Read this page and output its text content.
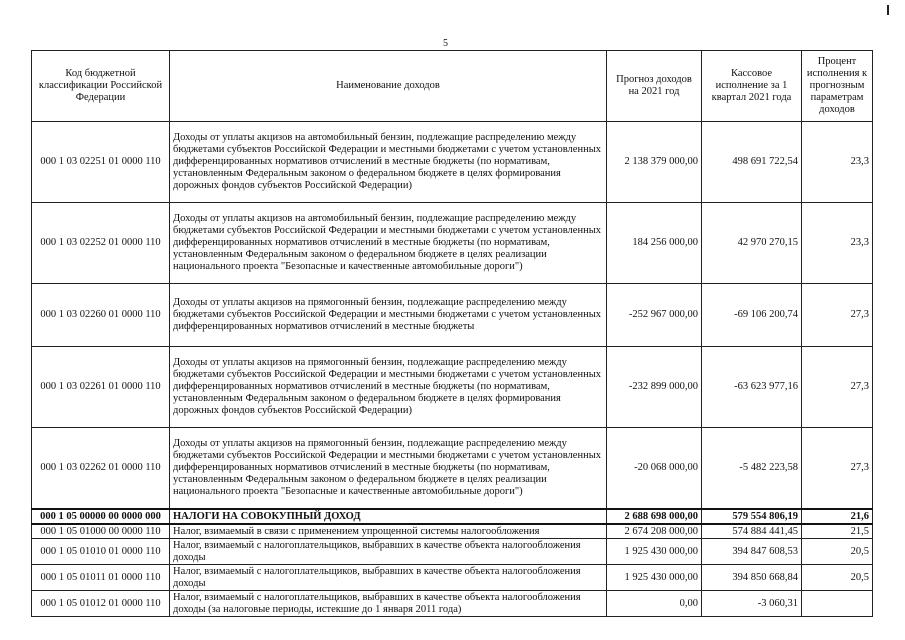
5
Код бюджетной классификации Российской Федерации	Наименование доходов	Прогноз доходов на 2021 год	Кассовое исполнение за 1 квартал 2021 года	Процент исполнения к прогнозным параметрам доходов
000 1 03 02251 01 0000 110	Доходы от уплаты акцизов на автомобильный бензин, подлежащие распределению между бюджетами субъектов Российской Федерации и местными бюджетами с учетом установленных дифференцированных нормативов отчислений в местные бюджеты (по нормативам, установленным Федеральным законом о федеральном бюджете в целях формирования дорожных фондов субъектов Российской Федерации)	2 138 379 000,00	498 691 722,54	23,3
000 1 03 02252 01 0000 110	Доходы от уплаты акцизов на автомобильный бензин, подлежащие распределению между бюджетами субъектов Российской Федерации и местными бюджетами с учетом установленных дифференцированных нормативов отчислений в местные бюджеты (по нормативам, установленным Федеральным законом о федеральном бюджете в целях реализации национального проекта "Безопасные и качественные автомобильные дороги")	184 256 000,00	42 970 270,15	23,3
000 1 03 02260 01 0000 110	Доходы от уплаты акцизов на прямогонный бензин, подлежащие распределению между бюджетами субъектов Российской Федерации и местными бюджетами с учетом установленных дифференцированных нормативов отчислений в местные бюджеты	-252 967 000,00	-69 106 200,74	27,3
000 1 03 02261 01 0000 110	Доходы от уплаты акцизов на прямогонный бензин, подлежащие распределению между бюджетами субъектов Российской Федерации и местными бюджетами с учетом установленных дифференцированных нормативов отчислений в местные бюджеты (по нормативам, установленным Федеральным законом о федеральном бюджете в целях формирования дорожных фондов субъектов Российской Федерации)	-232 899 000,00	-63 623 977,16	27,3
000 1 03 02262 01 0000 110	Доходы от уплаты акцизов на прямогонный бензин, подлежащие распределению между бюджетами субъектов Российской Федерации и местными бюджетами с учетом установленных дифференцированных нормативов отчислений в местные бюджеты (по нормативам, установленным Федеральным законом о федеральном бюджете в целях реализации национального проекта "Безопасные и качественные автомобильные дороги")	-20 068 000,00	-5 482 223,58	27,3
000 1 05 00000 00 0000 000	НАЛОГИ НА СОВОКУПНЫЙ ДОХОД	2 688 698 000,00	579 554 806,19	21,6
000 1 05 01000 00 0000 110	Налог, взимаемый в связи с применением упрощенной системы налогообложения	2 674 208 000,00	574 884 441,45	21,5
000 1 05 01010 01 0000 110	Налог, взимаемый с налогоплательщиков, выбравших в качестве объекта налогообложения доходы	1 925 430 000,00	394 847 608,53	20,5
000 1 05 01011 01 0000 110	Налог, взимаемый с налогоплательщиков, выбравших в качестве объекта налогообложения доходы	1 925 430 000,00	394 850 668,84	20,5
000 1 05 01012 01 0000 110	Налог, взимаемый с налогоплательщиков, выбравших в качестве объекта налогообложения доходы (за налоговые периоды, истекшие до 1 января 2011 года)	0,00	-3 060,31	
